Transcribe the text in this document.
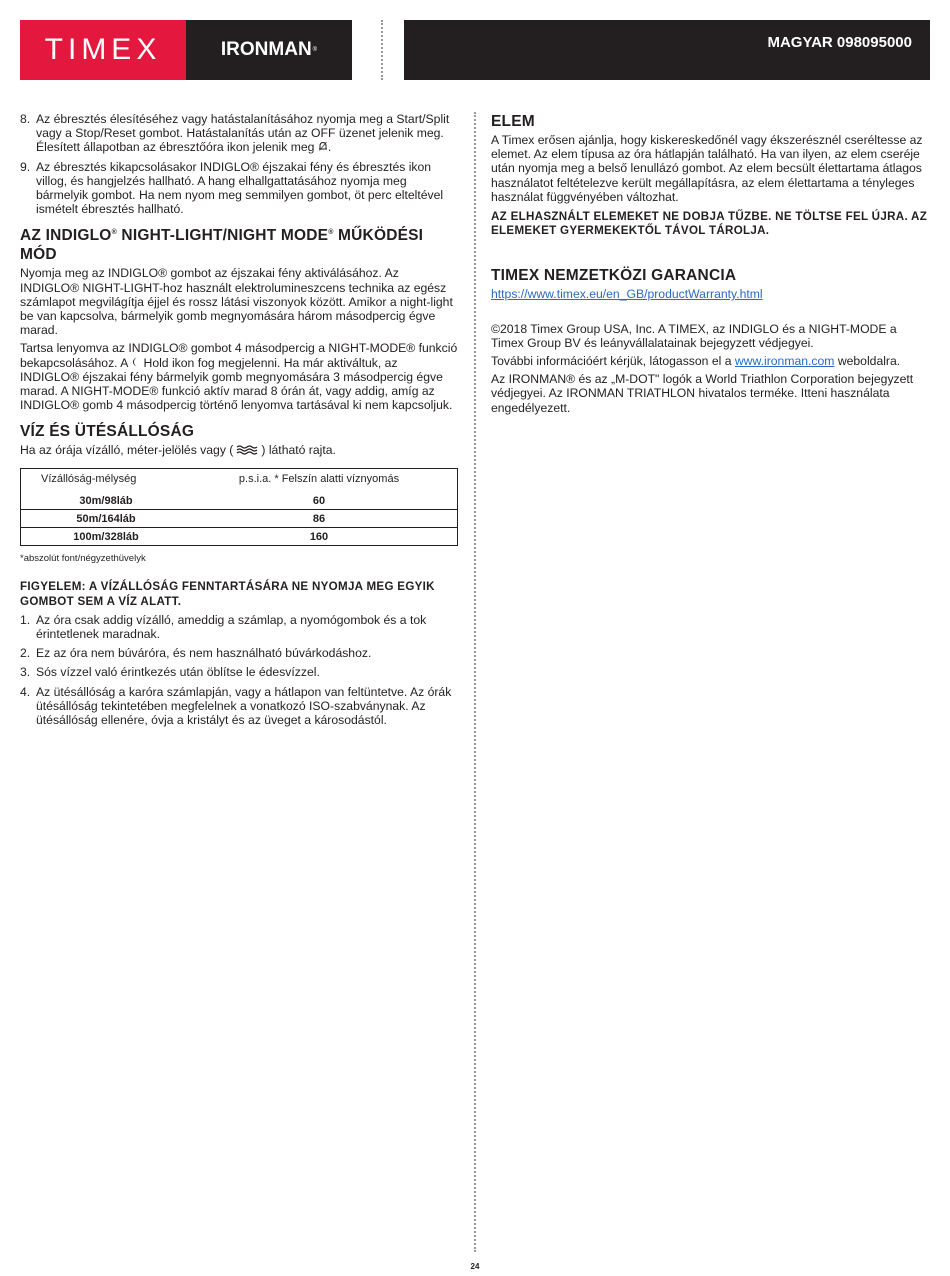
TIMEX	IRONMAN ®	MAGYAR 098095000
8. Az ébresztés élesítéséhez vagy hatástalanításához nyomja meg a Start/Split vagy a Stop/Reset gombot. Hatástalanítás után az OFF üzenet jelenik meg. Élesített állapotban az ébresztőóra ikon jelenik meg .
9. Az ébresztés kikapcsolásakor INDIGLO® éjszakai fény és ébresztés ikon villog, és hangjelzés hallható. A hang elhallgattatásához nyomja meg bármelyik gombot. Ha nem nyom meg semmilyen gombot, öt perc elteltével ismételt ébresztés hallható.
AZ INDIGLO® NIGHT-LIGHT/NIGHT MODE® MŰKÖDÉSI MÓD

Nyomja meg az INDIGLO® gombot az éjszakai fény aktiválásához. Az INDIGLO® NIGHT-LIGHT-hoz használt elektrolumineszcens technika az egész számlapot megvilágítja éjjel és rossz látási viszonyok között. Amikor a night-light be van kapcsolva, bármelyik gomb megnyomására három másodpercig égve marad.

Tartsa lenyomva az INDIGLO® gombot 4 másodpercig a NIGHT-MODE® funkció bekapcsolásához. A  Hold ikon fog megjelenni. Ha már aktiváltuk, az INDIGLO® éjszakai fény bármelyik gomb megnyomására 3 másodpercig égve marad. A NIGHT-MODE® funkció aktív marad 8 órán át, vagy addig, amíg az INDIGLO® gomb 4 másodpercig történő lenyomva tartásával ki nem kapcsoljuk.

VÍZ ÉS ÜTÉSÁLLÓSÁG

Ha az órája vízálló, méter-jelölés vagy ( ) látható rajta.

Vízállóság-mélység		p.s.i.a. * Felszín alatti víznyomás
	30m/98láb	60
	50m/164láb	86
	100m/328láb	160

*abszolút font/négyzethüvelyk

FIGYELEM: A VÍZÁLLÓSÁG FENNTARTÁSÁRA NE NYOMJA MEG EGYIK GOMBOT SEM A VÍZ ALATT.

1. Az óra csak addig vízálló, ameddig a számlap, a nyomógombok és a tok érintetlenek maradnak.
2. Ez az óra nem búváróra, és nem használható búvárkodáshoz.
3. Sós vízzel való érintkezés után öblítse le édesvízzel.
4. Az ütésállóság a karóra számlapján, vagy a hátlapon van feltüntetve. Az órák ütésállóság tekintetében megfelelnek a vonatkozó ISO-szabványnak. Az ütésállóság ellenére, óvja a kristályt és az üveget a károsodástól.
ELEM

A Timex erősen ajánlja, hogy kiskereskedőnél vagy ékszerésznél cseréltesse az elemet. Az elem típusa az óra hátlapján található. Ha van ilyen, az elem cseréje után nyomja meg a belső lenullázó gombot. Az elem becsült élettartama átlagos használatot feltételezve került megállapításra, az elem élettartama a tényleges használat függvényében változhat.

AZ ELHASZNÁLT ELEMEKET NE DOBJA TŰZBE. NE TÖLTSE FEL ÚJRA. AZ ELEMEKET GYERMEKEKTŐL TÁVOL TÁROLJA.

TIMEX NEMZETKÖZI GARANCIA

https://www.timex.eu/en_GB/productWarranty.html

©2018 Timex Group USA, Inc. A TIMEX, az INDIGLO és a NIGHT-MODE a Timex Group BV és leányvállalatainak bejegyzett védjegyei.

További információért kérjük, látogasson el a www.ironman.com weboldalra.

Az IRONMAN® és az „M-DOT" logók a World Triathlon Corporation bejegyzett védjegyei. Az IRONMAN TRIATHLON hivatalos terméke. Itteni használata engedélyezett.

24
